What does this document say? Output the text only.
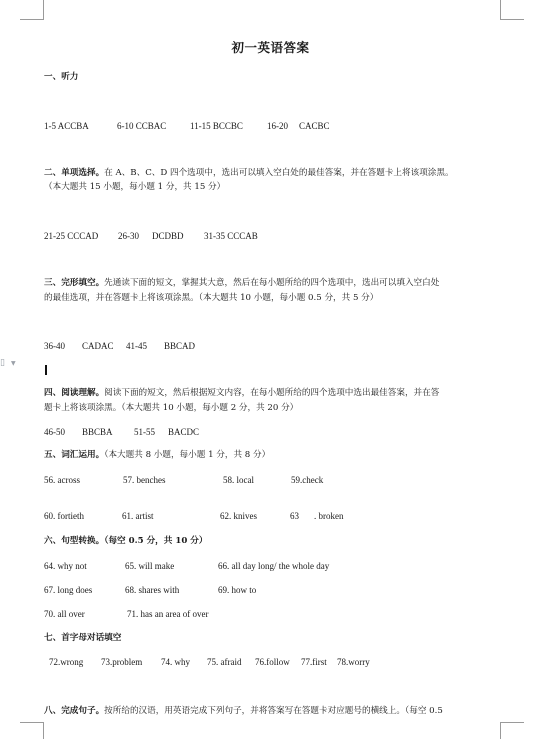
▯ ▼
初一英语答案
一、听力
1-5 ACCBA	6-10 CCBAC	11-15 BCCBC	16-20 CACBC
二、单项选择。在 A、B、C、D 四个选项中，选出可以填入空白处的最佳答案，并在答题卡上将该项涂黑。
（本大题共 15 小题，每小题 1 分，共 15 分）
21-25 CCCAD 26-30 DCDBD 31-35 CCCAB
三、完形填空。先通读下面的短文，掌握其大意，然后在每小题所给的四个选项中，选出可以填入空白处
的最佳选项，并在答题卡上将该项涂黑。（本大题共 10 小题，每小题 0.5 分，共 5 分）
36-40 CADAC 41-45 BBCAD
四、阅读理解。阅读下面的短文，然后根据短文内容，在每小题所给的四个选项中选出最佳答案，并在答
题卡上将该项涂黑。（本大题共 10 小题，每小题 2 分，共 20 分）
46-50 BBCBA 51-55 BACDC
五、词汇运用。（本大题共 8 小题，每小题 1 分，共 8 分）
56. across	57. benches	58. local	59.check
60. fortieth	61. artist	62. knives	63 . broken
六、句型转换。（每空 0.5 分，共 10 分）
64. why not	65. will make	66. all day long/ the whole day
67. long does	68. shares with	69. how to
70. all over	71. has an area of over
七、首字母对话填空
72.wrong 73.problem 74. why 75. afraid 76.follow 77.first 78.worry
八、完成句子。按所给的汉语，用英语完成下列句子，并将答案写在答题卡对应题号的横线上。（每空 0.5
